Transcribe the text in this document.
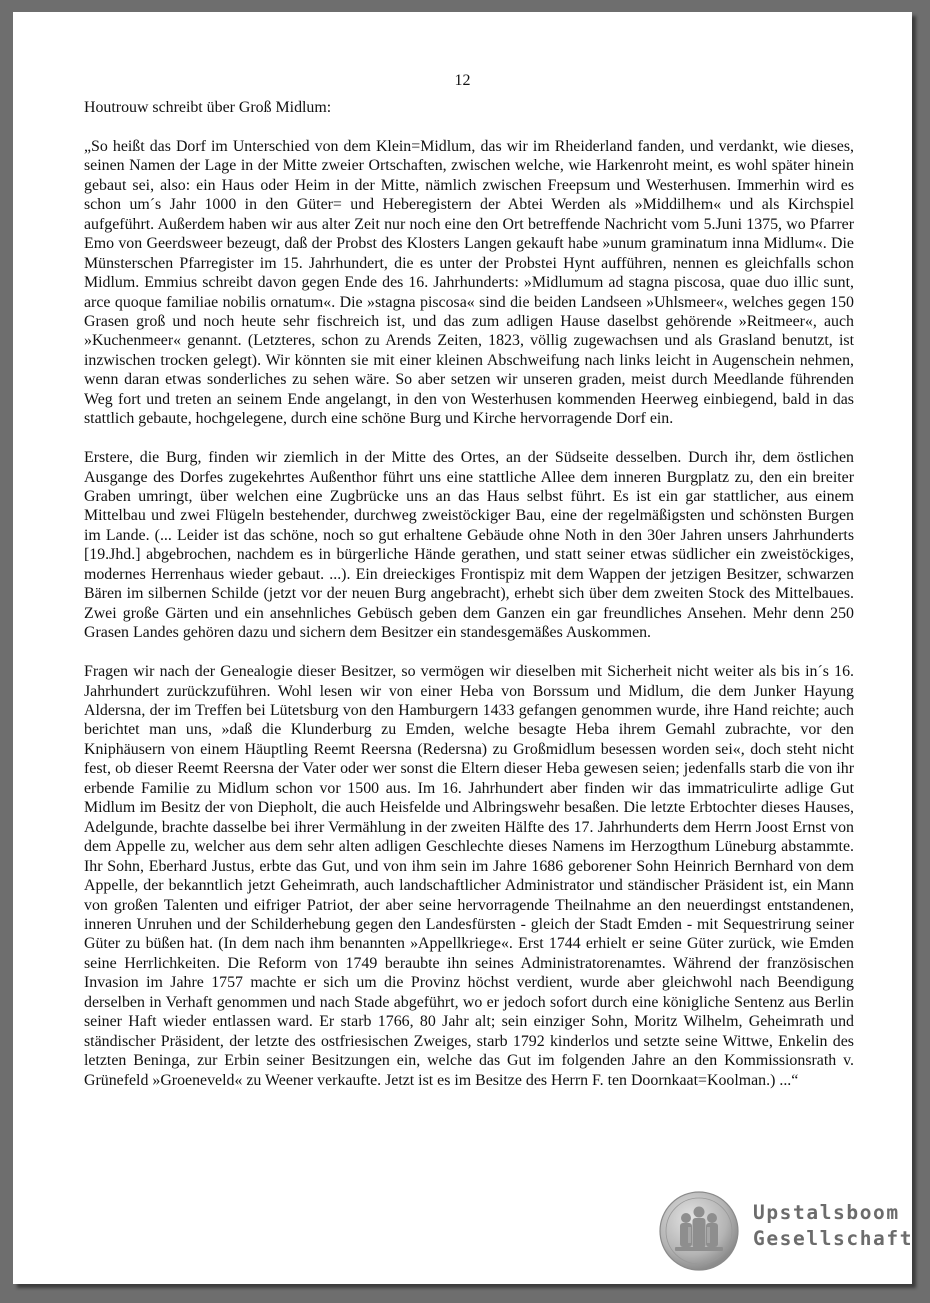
12

Houtrouw schreibt über Groß Midlum:

„So heißt das Dorf im Unterschied von dem Klein=Midlum, das wir im Rheiderland fanden, und verdankt, wie dieses, seinen Namen der Lage in der Mitte zweier Ortschaften, zwischen welche, wie Harkenroht meint, es wohl später hinein gebaut sei, also: ein Haus oder Heim in der Mitte, nämlich zwischen Freepsum und Westerhusen. Immerhin wird es schon um´s Jahr 1000 in den Güter= und Heberegistern der Abtei Werden als »Middilhem« und als Kirchspiel aufgeführt. Außerdem haben wir aus alter Zeit nur noch eine den Ort betreffende Nachricht vom 5.Juni 1375, wo Pfarrer Emo von Geerdsweer bezeugt, daß der Probst des Klosters Langen gekauft habe »unum graminatum inna Midlum«. Die Münsterschen Pfarregister im 15. Jahrhundert, die es unter der Probstei Hynt aufführen, nennen es gleichfalls schon Midlum. Emmius schreibt davon gegen Ende des 16. Jahrhunderts: »Midlumum ad stagna piscosa, quae duo illic sunt, arce quoque familiae nobilis ornatum«. Die »stagna piscosa« sind die beiden Landseen »Uhlsmeer«, welches gegen 150 Grasen groß und noch heute sehr fischreich ist, und das zum adligen Hause daselbst gehörende »Reitmeer«, auch »Kuchenmeer« genannt. (Letzteres, schon zu Arends Zeiten, 1823, völlig zugewachsen und als Grasland benutzt, ist inzwischen trocken gelegt). Wir könnten sie mit einer kleinen Abschweifung nach links leicht in Augenschein nehmen, wenn daran etwas sonderliches zu sehen wäre. So aber setzen wir unseren graden, meist durch Meedlande führenden Weg fort und treten an seinem Ende angelangt, in den von Westerhusen kommenden Heerweg einbiegend, bald in das stattlich gebaute, hochgelegene, durch eine schöne Burg und Kirche hervorragende Dorf ein.

Erstere, die Burg, finden wir ziemlich in der Mitte des Ortes, an der Südseite desselben. Durch ihr, dem östlichen Ausgange des Dorfes zugekehrtes Außenthor führt uns eine stattliche Allee dem inneren Burgplatz zu, den ein breiter Graben umringt, über welchen eine Zugbrücke uns an das Haus selbst führt. Es ist ein gar stattlicher, aus einem Mittelbau und zwei Flügeln bestehender, durchweg zweistöckiger Bau, eine der regelmäßigsten und schönsten Burgen im Lande. (... Leider ist das schöne, noch so gut erhaltene Gebäude ohne Noth in den 30er Jahren unsers Jahrhunderts [19.Jhd.] abgebrochen, nachdem es in bürgerliche Hände gerathen, und statt seiner etwas südlicher ein zweistöckiges, modernes Herrenhaus wieder gebaut. ...). Ein dreieckiges Frontispiz mit dem Wappen der jetzigen Besitzer, schwarzen Bären im silbernen Schilde (jetzt vor der neuen Burg angebracht), erhebt sich über dem zweiten Stock des Mittelbaues. Zwei große Gärten und ein ansehnliches Gebüsch geben dem Ganzen ein gar freundliches Ansehen. Mehr denn 250 Grasen Landes gehören dazu und sichern dem Besitzer ein standesgemäßes Auskommen.

Fragen wir nach der Genealogie dieser Besitzer, so vermögen wir dieselben mit Sicherheit nicht weiter als bis in´s 16. Jahrhundert zurückzuführen. Wohl lesen wir von einer Heba von Borssum und Midlum, die dem Junker Hayung Aldersna, der im Treffen bei Lütetsburg von den Hamburgern 1433 gefangen genommen wurde, ihre Hand reichte; auch berichtet man uns, »daß die Klunderburg zu Emden, welche besagte Heba ihrem Gemahl zubrachte, vor den Kniphäusern von einem Häuptling Reemt Reersna (Redersna) zu Großmidlum besessen worden sei«, doch steht nicht fest, ob dieser Reemt Reersna der Vater oder wer sonst die Eltern dieser Heba gewesen seien; jedenfalls starb die von ihr erbende Familie zu Midlum schon vor 1500 aus. Im 16. Jahrhundert aber finden wir das immatriculirte adlige Gut Midlum im Besitz der von Diepholt, die auch Heisfelde und Albringswehr besaßen. Die letzte Erbtochter dieses Hauses, Adelgunde, brachte dasselbe bei ihrer Vermählung in der zweiten Hälfte des 17. Jahrhunderts dem Herrn Joost Ernst von dem Appelle zu, welcher aus dem sehr alten adligen Geschlechte dieses Namens im Herzogthum Lüneburg abstammte. Ihr Sohn, Eberhard Justus, erbte das Gut, und von ihm sein im Jahre 1686 geborener Sohn Heinrich Bernhard von dem Appelle, der bekanntlich jetzt Geheimrath, auch landschaftlicher Administrator und ständischer Präsident ist, ein Mann von großen Talenten und eifriger Patriot, der aber seine hervorragende Theilnahme an den neuerdingst entstandenen, inneren Unruhen und der Schilderhebung gegen den Landesfürsten - gleich der Stadt Emden - mit Sequestrirung seiner Güter zu büßen hat. (In dem nach ihm benannten »Appellkriege«. Erst 1744 erhielt er seine Güter zurück, wie Emden seine Herrlichkeiten. Die Reform von 1749 beraubte ihn seines Administratorenamtes. Während der französischen Invasion im Jahre 1757 machte er sich um die Provinz höchst verdient, wurde aber gleichwohl nach Beendigung derselben in Verhaft genommen und nach Stade abgeführt, wo er jedoch sofort durch eine königliche Sentenz aus Berlin seiner Haft wieder entlassen ward. Er starb 1766, 80 Jahr alt; sein einziger Sohn, Moritz Wilhelm, Geheimrath und ständischer Präsident, der letzte des ostfriesischen Zweiges, starb 1792 kinderlos und setzte seine Wittwe, Enkelin des letzten Beninga, zur Erbin seiner Besitzungen ein, welche das Gut im folgenden Jahre an den Kommissionsrath v. Grünefeld »Groeneveld« zu Weener verkaufte. Jetzt ist es im Besitze des Herrn F. ten Doornkaat=Koolman.) ...“

Upstalsboom
Gesellschaft
